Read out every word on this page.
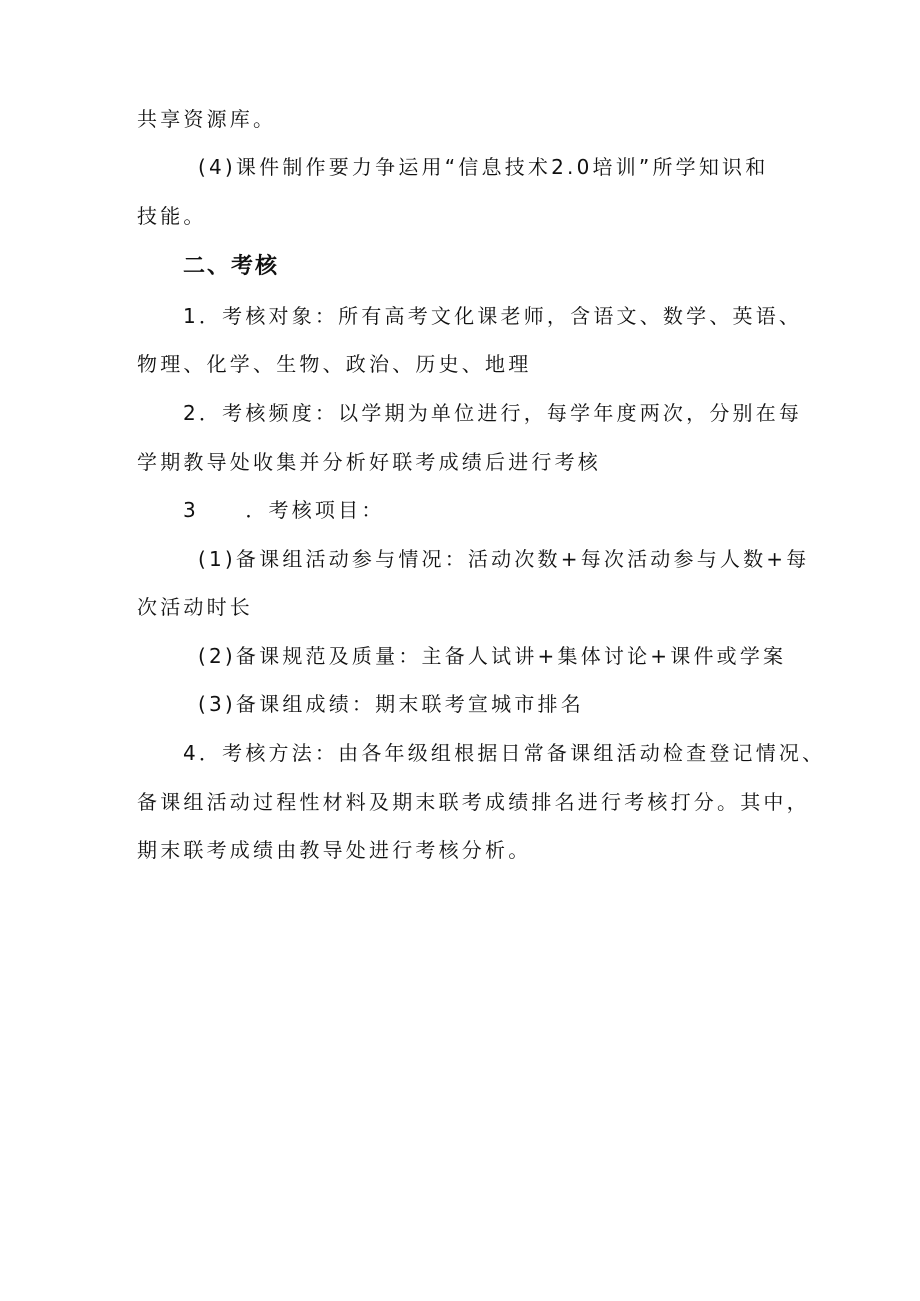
共享资源库。
(4)课件制作要力争运用“信息技术2.0培训”所学知识和
技能。
二、考核
1．考核对象：所有高考文化课老师，含语文、数学、英语、
物理、化学、生物、政治、历史、地理
2．考核频度：以学期为单位进行，每学年度两次，分别在每
学期教导处收集并分析好联考成绩后进行考核
3　　．考核项目：
(1)备课组活动参与情况：活动次数+每次活动参与人数+每
次活动时长
(2)备课规范及质量：主备人试讲+集体讨论+课件或学案
(3)备课组成绩：期末联考宣城市排名
4．考核方法：由各年级组根据日常备课组活动检查登记情况、
备课组活动过程性材料及期末联考成绩排名进行考核打分。其中，
期末联考成绩由教导处进行考核分析。
